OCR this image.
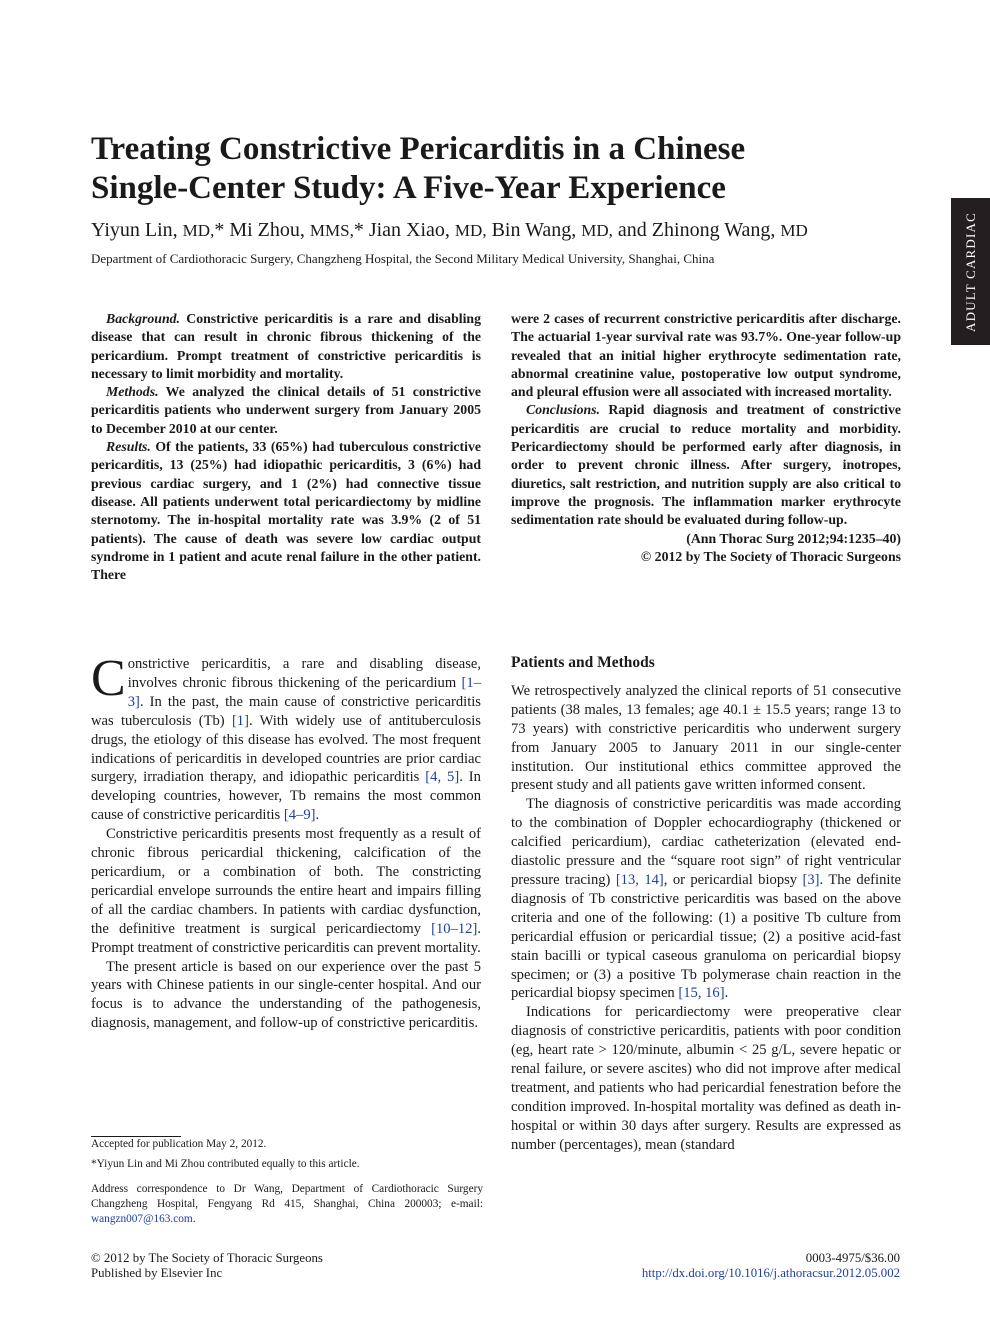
ADULT CARDIAC
Treating Constrictive Pericarditis in a Chinese
Single-Center Study: A Five-Year Experience
Yiyun Lin, MD,* Mi Zhou, MMS,* Jian Xiao, MD, Bin Wang, MD, and Zhinong Wang, MD
Department of Cardiothoracic Surgery, Changzheng Hospital, the Second Military Medical University, Shanghai, China

Background. Constrictive pericarditis is a rare and disabling disease that can result in chronic fibrous thickening of the pericardium. Prompt treatment of constrictive pericarditis is necessary to limit morbidity and mortality.

Methods. We analyzed the clinical details of 51 constrictive pericarditis patients who underwent surgery from January 2005 to December 2010 at our center.

Results. Of the patients, 33 (65%) had tuberculous constrictive pericarditis, 13 (25%) had idiopathic pericarditis, 3 (6%) had previous cardiac surgery, and 1 (2%) had connective tissue disease. All patients underwent total pericardiectomy by midline sternotomy. The in-hospital mortality rate was 3.9% (2 of 51 patients). The cause of death was severe low cardiac output syndrome in 1 patient and acute renal failure in the other patient. There

were 2 cases of recurrent constrictive pericarditis after discharge. The actuarial 1-year survival rate was 93.7%. One-year follow-up revealed that an initial higher erythrocyte sedimentation rate, abnormal creatinine value, postoperative low output syndrome, and pleural effusion were all associated with increased mortality.

Conclusions. Rapid diagnosis and treatment of constrictive pericarditis are crucial to reduce mortality and morbidity. Pericardiectomy should be performed early after diagnosis, in order to prevent chronic illness. After surgery, inotropes, diuretics, salt restriction, and nutrition supply are also critical to improve the prognosis. The inflammation marker erythrocyte sedimentation rate should be evaluated during follow-up.

(Ann Thorac Surg 2012;94:1235–40)

© 2012 by The Society of Thoracic Surgeons

Constrictive pericarditis, a rare and disabling disease, involves chronic fibrous thickening of the pericardium [1–3]. In the past, the main cause of constrictive pericarditis was tuberculosis (Tb) [1]. With widely use of antituberculosis drugs, the etiology of this disease has evolved. The most frequent indications of pericarditis in developed countries are prior cardiac surgery, irradiation therapy, and idiopathic pericarditis [4, 5]. In developing countries, however, Tb remains the most common cause of constrictive pericarditis [4–9].

Constrictive pericarditis presents most frequently as a result of chronic fibrous pericardial thickening, calcification of the pericardium, or a combination of both. The constricting pericardial envelope surrounds the entire heart and impairs filling of all the cardiac chambers. In patients with cardiac dysfunction, the definitive treatment is surgical pericardiectomy [10–12]. Prompt treatment of constrictive pericarditis can prevent mortality.

The present article is based on our experience over the past 5 years with Chinese patients in our single-center hospital. And our focus is to advance the understanding of the pathogenesis, diagnosis, management, and follow-up of constrictive pericarditis.

Patients and Methods

We retrospectively analyzed the clinical reports of 51 consecutive patients (38 males, 13 females; age 40.1 ± 15.5 years; range 13 to 73 years) with constrictive pericarditis who underwent surgery from January 2005 to January 2011 in our single-center institution. Our institutional ethics committee approved the present study and all patients gave written informed consent.

The diagnosis of constrictive pericarditis was made according to the combination of Doppler echocardiography (thickened or calcified pericardium), cardiac catheterization (elevated end-diastolic pressure and the “square root sign” of right ventricular pressure tracing) [13, 14], or pericardial biopsy [3]. The definite diagnosis of Tb constrictive pericarditis was based on the above criteria and one of the following: (1) a positive Tb culture from pericardial effusion or pericardial tissue; (2) a positive acid-fast stain bacilli or typical caseous granuloma on pericardial biopsy specimen; or (3) a positive Tb polymerase chain reaction in the pericardial biopsy specimen [15, 16].

Indications for pericardiectomy were preoperative clear diagnosis of constrictive pericarditis, patients with poor condition (eg, heart rate > 120/minute, albumin < 25 g/L, severe hepatic or renal failure, or severe ascites) who did not improve after medical treatment, and patients who had pericardial fenestration before the condition improved. In-hospital mortality was defined as death in-hospital or within 30 days after surgery. Results are expressed as number (percentages), mean (standard

Accepted for publication May 2, 2012.
*Yiyun Lin and Mi Zhou contributed equally to this article.
Address correspondence to Dr Wang, Department of Cardiothoracic Surgery Changzheng Hospital, Fengyang Rd 415, Shanghai, China 200003; e-mail: wangzn007@163.com.
© 2012 by The Society of Thoracic Surgeons
Published by Elsevier Inc
0003-4975/$36.00
http://dx.doi.org/10.1016/j.athoracsur.2012.05.002
